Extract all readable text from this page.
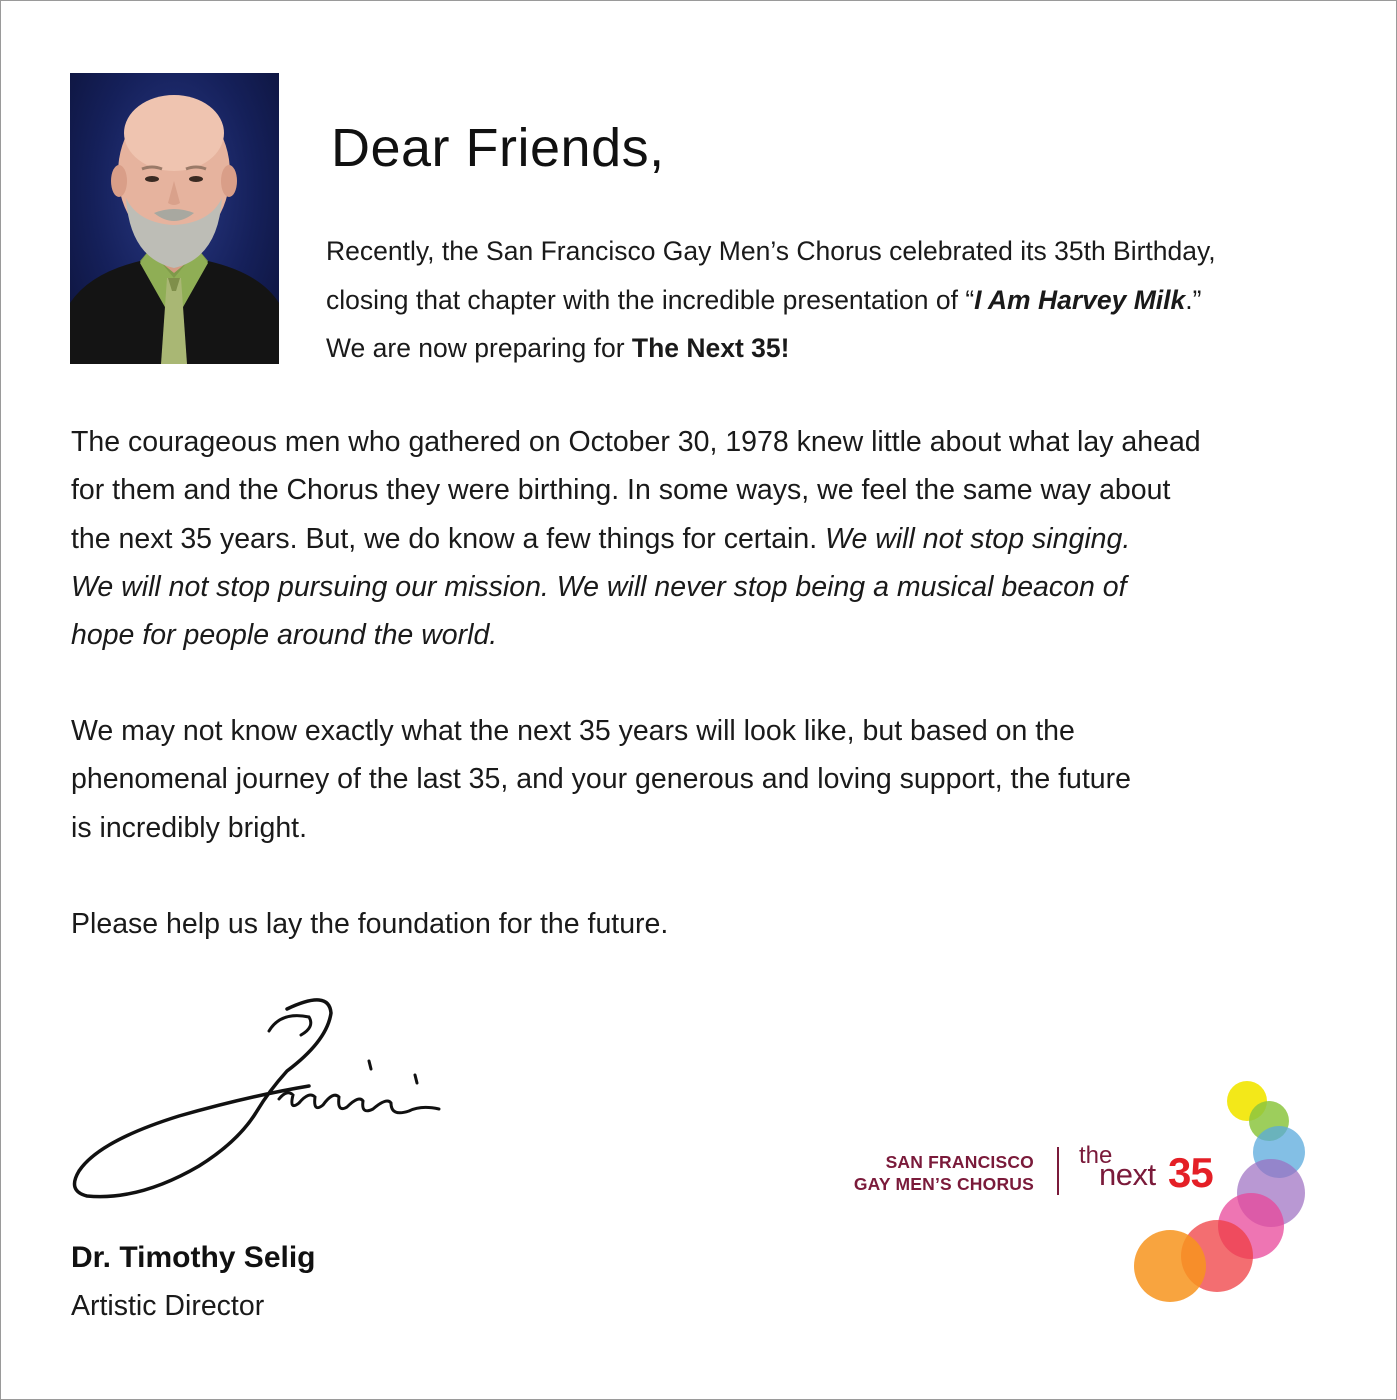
Dear Friends,

Recently, the San Francisco Gay Men’s Chorus celebrated its 35th Birthday,
closing that chapter with the incredible presentation of “I Am Harvey Milk.”
We are now preparing for The Next 35!

The courageous men who gathered on October 30, 1978 knew little about what lay ahead
for them and the Chorus they were birthing. In some ways, we feel the same way about
the next 35 years. But, we do know a few things for certain. We will not stop singing.
We will not stop pursuing our mission. We will never stop being a musical beacon of
hope for people around the world.

We may not know exactly what the next 35 years will look like, but based on the
phenomenal journey of the last 35, and your generous and loving support, the future
is incredibly bright.

Please help us lay the foundation for the future.

Dr. Timothy Selig

Artistic Director

SAN FRANCISCO
GAY MEN’S CHORUS
the
next 35
